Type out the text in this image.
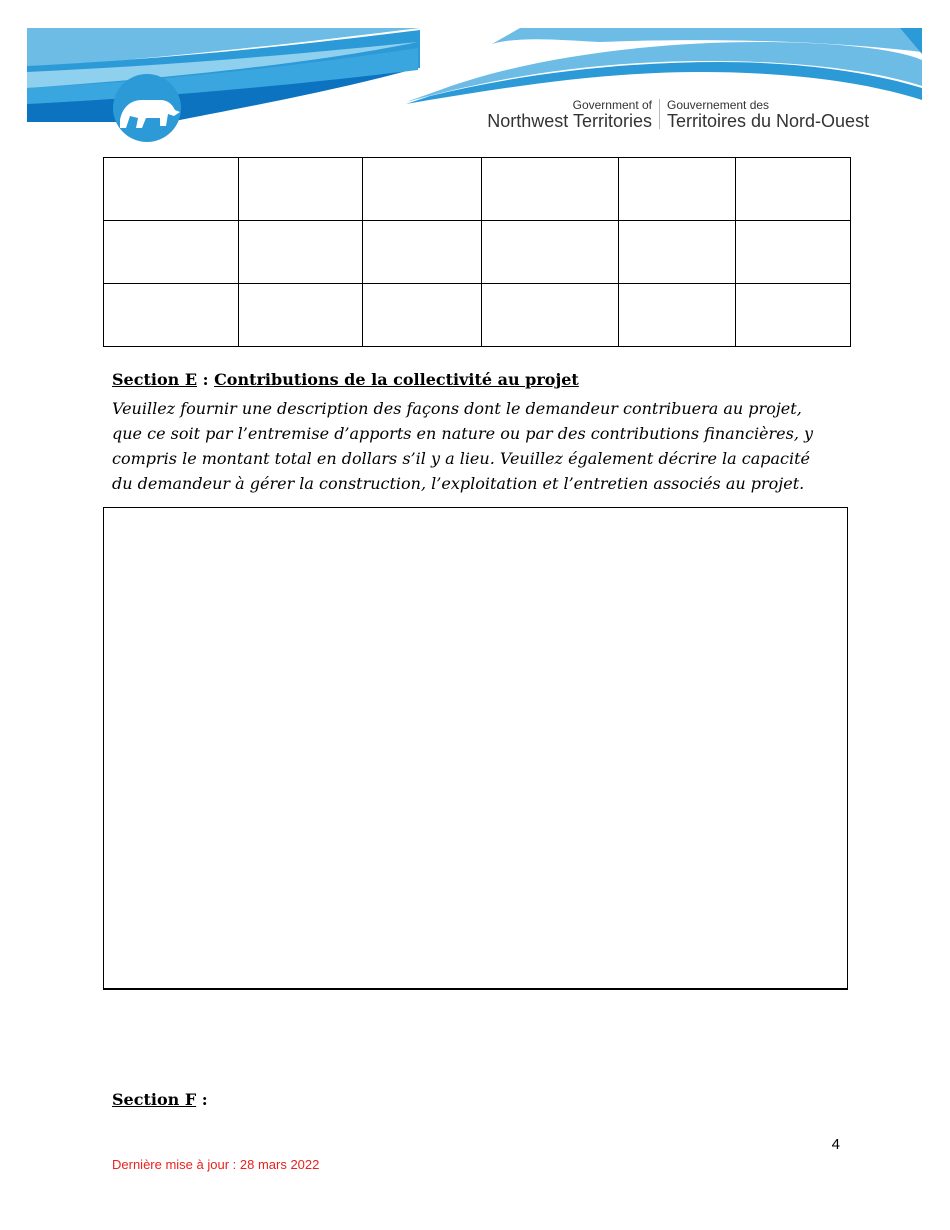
Government of
Northwest Territories
Gouvernement des
Territoires du Nord-Ouest

Section E : Contributions de la collectivité au projet
Veuillez fournir une description des façons dont le demandeur contribuera au projet, que ce soit par l’entremise d’apports en nature ou par des contributions financières, y compris le montant total en dollars s’il y a lieu. Veuillez également décrire la capacité du demandeur à gérer la construction, l’exploitation et l’entretien associés au projet.
Section F :
4
Dernière mise à jour : 28 mars 2022
